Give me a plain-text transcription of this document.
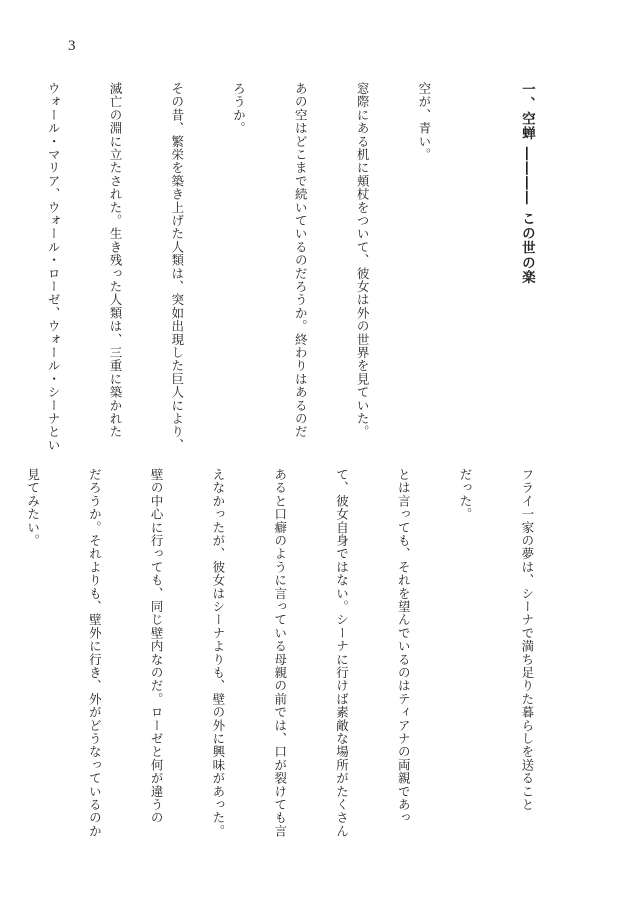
3

一、空蝉 ―――― この世の楽

空が、青い。

窓際にある机に頬杖をついて、彼女は外の世界を見ていた。

あの空はどこまで続いているのだろうか。終わりはあるのだ

ろうか。

その昔、繁栄を築き上げた人類は、突如出現した巨人により、

滅亡の淵に立たされた。生き残った人類は、三重に築かれた

ウォール・マリア、ウォール・ローゼ、ウォール・シーナとい

フライ一家の夢は、シーナで満ち足りた暮らしを送ること

だった。

とは言っても、それを望んでいるのはティアナの両親であっ

て、彼女自身ではない。シーナに行けば素敵な場所がたくさん

あると口癖のように言っている母親の前では、口が裂けても言

えなかったが、彼女はシーナよりも、壁の外に興味があった。

壁の中心に行っても、同じ壁内なのだ。ローゼと何が違うの

だろうか。それよりも、壁外に行き、外がどうなっているのか

見てみたい。
